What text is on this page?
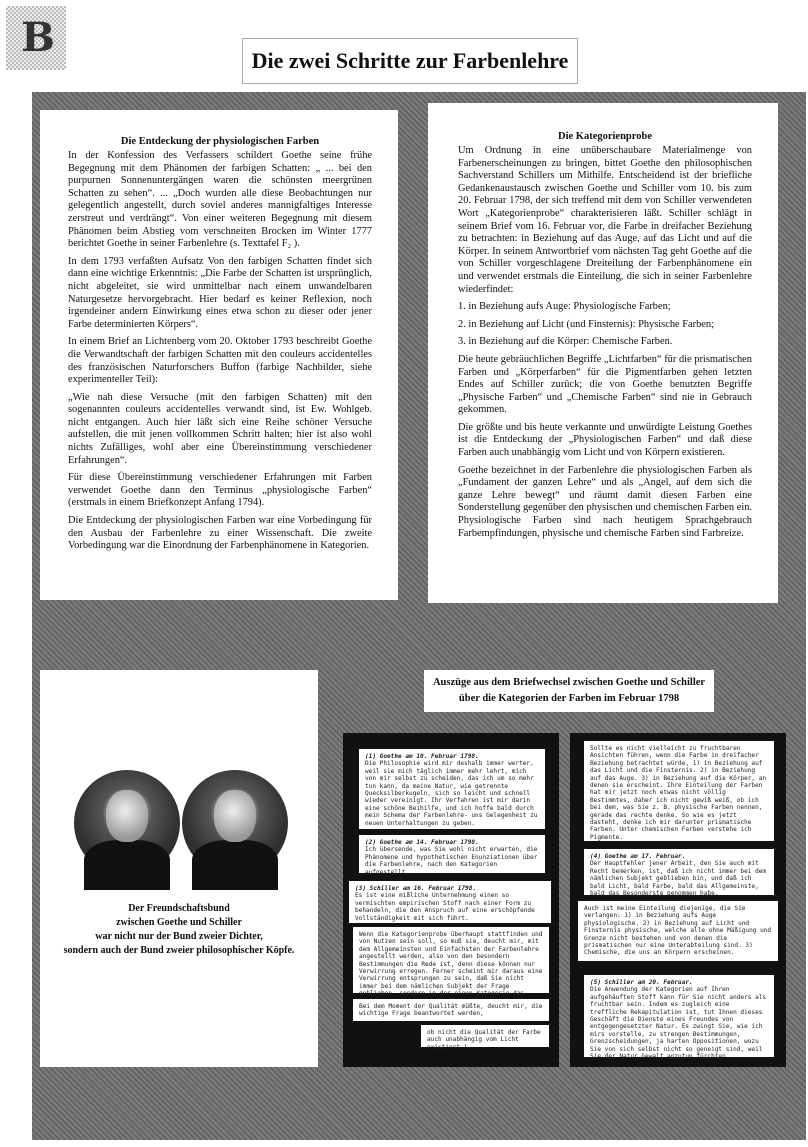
B	Die zwei Schritte zur Farbenlehre
Die Entdeckung der physiologischen Farben

In der Konfession des Verfassers schildert Goethe seine frühe Begegnung mit dem Phänomen der farbigen Schatten: „ ... bei den purpurnen Sonnenuntergängen waren die schönsten meergrünen Schatten zu sehen“. ... „Doch wurden alle diese Beobachtungen nur gelegentlich angestellt, durch soviel anderes mannigfaltiges Interesse zerstreut und verdrängt“. Von einer weiteren Begegnung mit diesem Phänomen beim Abstieg vom verschneiten Brocken im Winter 1777 berichtet Goethe in seiner Farbenlehre (s. Texttafel F₂ ).

In dem 1793 verfaßten Aufsatz Von den farbigen Schatten findet sich dann eine wichtige Erkenntnis: „Die Farbe der Schatten ist ursprünglich, nicht abgeleitet, sie wird unmittelbar nach einem unwandelbaren Naturgesetze hervorgebracht. Hier bedarf es keiner Reflexion, noch irgendeiner andern Einwirkung eines etwa schon zu dieser oder jener Farbe determinierten Körpers“.

In einem Brief an Lichtenberg vom 20. Oktober 1793 beschreibt Goethe die Verwandtschaft der farbigen Schatten mit den couleurs accidentelles des französischen Naturforschers Buffon (farbige Nachbilder, siehe experimenteller Teil):

„Wie nah diese Versuche (mit den farbigen Schatten) mit den sogenannten couleurs accidentelles verwandt sind, ist Ew. Wohlgeb. nicht entgangen. Auch hier läßt sich eine Reihe schöner Versuche aufstellen, die mit jenen vollkommen Schritt halten; hier ist also wohl nichts Zufälliges, wohl aber eine Übereinstimmung verschiedener Erfahrungen“.

Für diese Übereinstimmung verschiedener Erfahrungen mit Farben verwendet Goethe dann den Terminus „physiologische Farben“ (erstmals in einem Briefkonzept Anfang 1794).

Die Entdeckung der physiologischen Farben war eine Vorbedingung für den Ausbau der Farbenlehre zu einer Wissenschaft. Die zweite Vorbedingung war die Einordnung der Farbenphänomene in Kategorien.

Die Kategorienprobe

Um Ordnung in eine unüberschaubare Materialmenge von Farbenerscheinungen zu bringen, bittet Goethe den philosophischen Sachverstand Schillers um Mithilfe. Entscheidend ist der briefliche Gedankenaustausch zwischen Goethe und Schiller vom 10. bis zum 20. Februar 1798, der sich treffend mit dem von Schiller verwendeten Wort „Kategorienprobe“ charakterisieren läßt. Schiller schlägt in seinem Brief vom 16. Februar vor, die Farbe in dreifacher Beziehung zu betrachten: in Beziehung auf das Auge, auf das Licht und auf die Körper. In seinem Antwortbrief vom nächsten Tag geht Goethe auf die von Schiller vorgeschlagene Dreiteilung der Farbenphänomene ein und verwendet erstmals die Einteilung, die sich in seiner Farbenlehre wiederfindet:

1. in Beziehung aufs Auge: Physiologische Farben;

2. in Beziehung auf Licht (und Finsternis): Physische Farben;

3. in Beziehung auf die Körper: Chemische Farben.

Die heute gebräuchlichen Begriffe „Lichtfarben“ für die prismatischen Farben und „Körperfarben“ für die Pigmentfarben gehen letzten Endes auf Schiller zurück; die von Goethe benutzten Begriffe „Physische Farben“ und „Chemische Farben“ sind nie in Gebrauch gekommen.

Die größte und bis heute verkannte und unwürdigte Leistung Goethes ist die Entdeckung der „Physiologischen Farben“ und daß diese Farben auch unabhängig vom Licht und von Körpern existieren.

Goethe bezeichnet in der Farbenlehre die physiologischen Farben als „Fundament der ganzen Lehre“ und als „Angel, auf dem sich die ganze Lehre bewegt“ und räumt damit diesen Farben eine Sonderstellung gegenüber den physischen und chemischen Farben ein. Physiologische Farben sind nach heutigem Sprachgebrauch Farbempfindungen, physische und chemische Farben sind Farbreize.

Der Freundschaftsbund
zwischen Goethe und Schiller
war nicht nur der Bund zweier Dichter,
sondern auch der Bund zweier philosophischer Köpfe.
Auszüge aus dem Briefwechsel zwischen Goethe und Schiller über die Kategorien der Farben im Februar 1798
(1) Goethe am 10. Februar 1798.
Die Philosophie wird mir deshalb immer werter, weil sie mich täglich immer mehr lehrt, mich von mir selbst zu scheiden, das ich um so mehr tun kann, da meine Natur, wie getrennte Quecksilberkugeln, sich so leicht und schnell wieder vereinigt. Ihr Verfahren ist mir darin eine schöne Beihilfe, und ich hoffe bald durch mein Schema der Farbenlehre- uns Gelegenheit zu neuen Unterhaltungen zu geben.
(2) Goethe am 14. Februar 1798.
Ich übersende, was Sie wohl nicht erwarten, die Phänomene und hypothetischen Enunziationen über die Farbenlehre, nach den Kategorien aufgestellt.
(3) Schiller am 16. Februar 1798.
Es ist eine mißliche Unternehmung einen so vermischten empirischen Stoff nach einer Form zu behandeln, die den Anspruch auf eine erschöpfende Vollständigkeit mit sich führt.
Wenn die Kategorienprobe überhaupt stattfinden und von Nutzen sein soll, so muß sie, deucht mir, mit dem Allgemeinsten und Einfachsten der Farbenlehre angestellt werden, also von den besondern Bestimmungen die Rede ist, denn diese können nur Verwirrung erregen. Ferner scheint mir daraus eine Verwirrung entsprungen zu sein, daß Sie nicht immer bei dem nämlichen Subjekt der Frage geblieben, sondern in der einen Kategorie das
Bei dem Moment der Qualität müßte, deucht mir, die wichtige Frage beantwortet werden,
ob nicht die Qualität der Farbe auch unabhängig vom Licht existiert.)
Sollte es nicht vielleicht zu fruchtbaren Ansichten führen, wenn die Farbe in dreifacher Beziehung betrachtet würde, 1) in Beziehung auf das Licht und die Finsternis. 2) in Beziehung auf das Auge. 3) in Beziehung auf die Körper, an denen sie erscheint. Ihre Einteilung der Farben hat mir jetzt noch etwas nicht völlig Bestimmtes, daher ich nicht gewiß weiß, ob ich bei dem, was Sie z. B. physische Farben nennen, gerade das rechte denke. So wie es jetzt dasteht, denke ich mir darunter prismatische Farben. Unter chemischen Farben verstehe ich Pigmente.
(4) Goethe am 17. Februar.
Der Hauptfehler jener Arbeit, den Sie auch mit Recht bemerken, ist, daß ich nicht immer bei dem nämlichen Subjekt geblieben bin, und daß ich bald Licht, bald Farbe, bald das Allgemeinste, bald das Besonderste genommen habe.
Auch ist meine Einteilung diejenige, die Sie verlangen: 1) in Beziehung aufs Auge physiologische. 2) in Beziehung auf Licht und Finsternis physische, welche alle ohne Mäßigung und Grenze nicht bestehen und von denen die prismatischen nur eine Unterabteilung sind. 3) Chemische, die uns an Körpern erscheinen.
(5) Schiller am 20. Februar.
Die Anwendung der Kategorien auf Ihren aufgehäuften Stoff kann für Sie nicht anders als fruchtbar sein. Indem es zugleich eine treffliche Rekapitulation ist, tut Ihnen dieses Geschäft die Dienste eines Freundes von entgegengesetzter Natur. Es zwingt Sie, wie ich mirs vorstelle, zu strengen Bestimmungen, Grenzscheidungen, ja harten Oppositionen, wozu Sie von sich selbst nicht so geneigt sind, weil Sie der Natur Gewalt anzutun fürchten.
